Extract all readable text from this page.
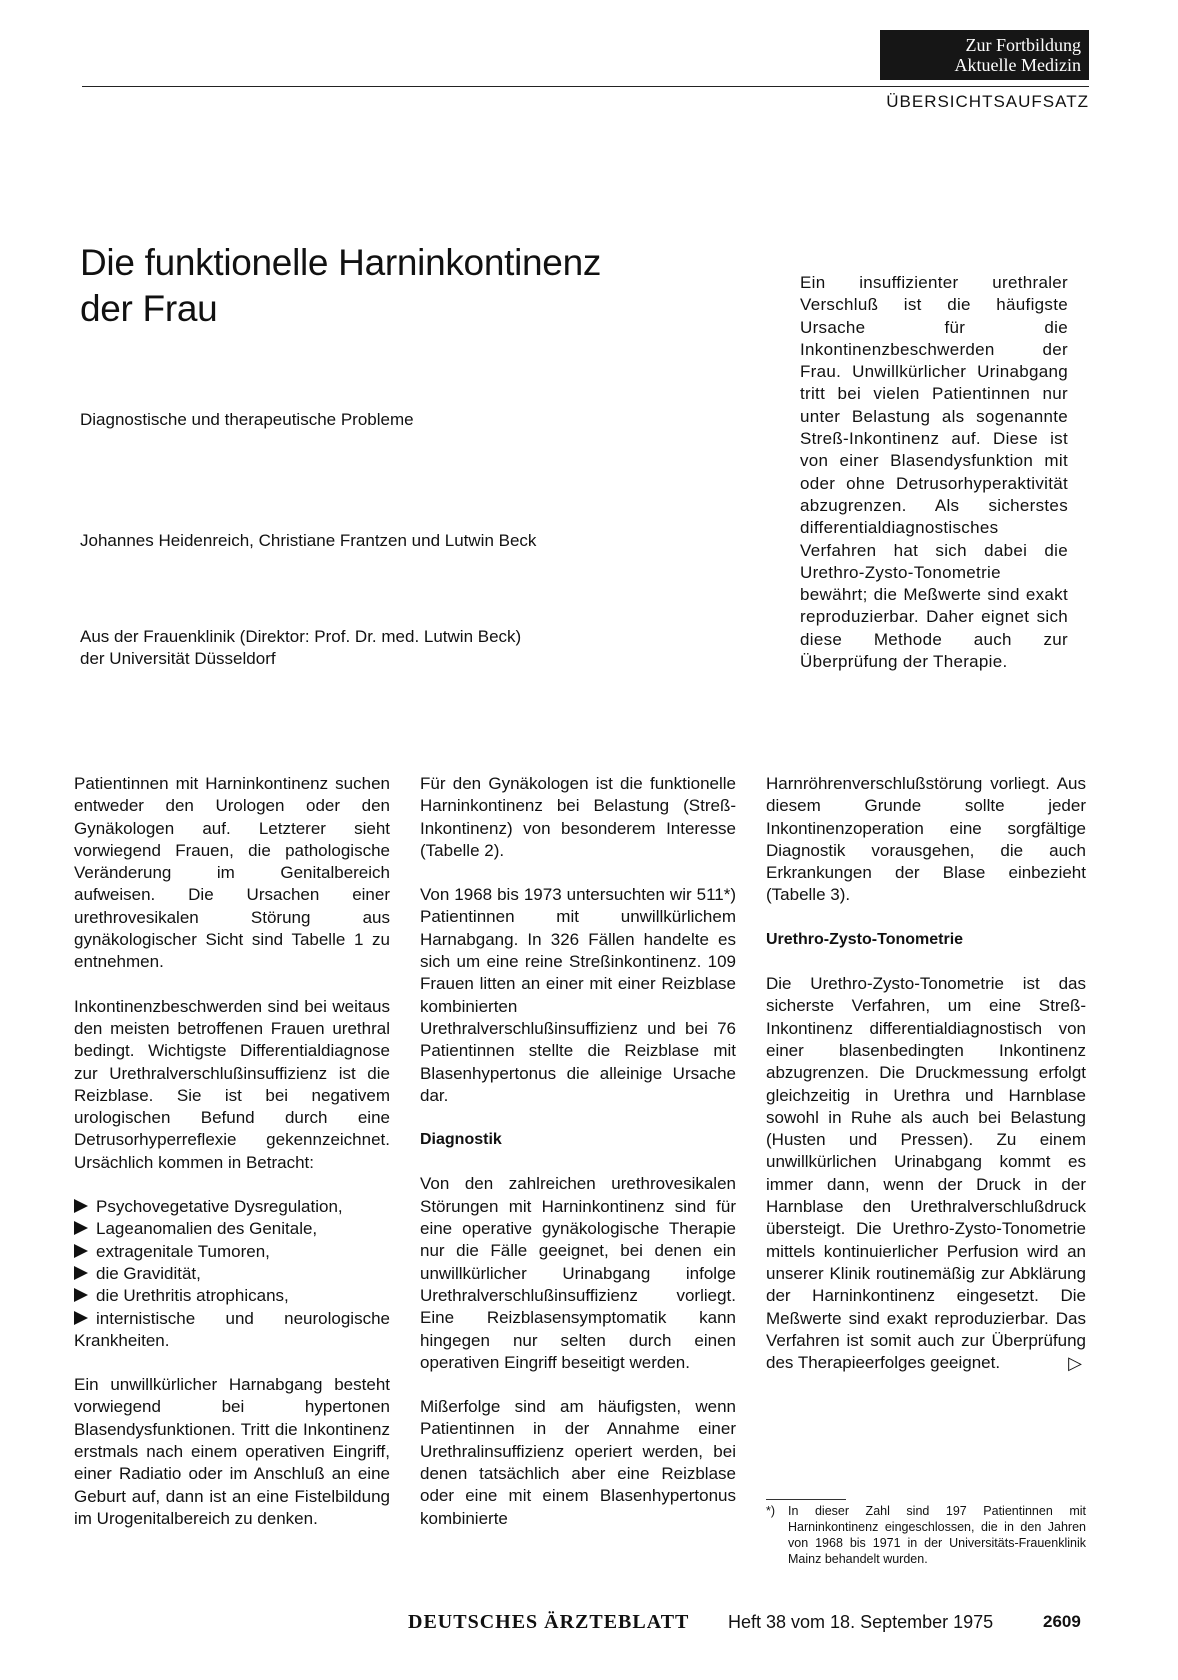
Zur Fortbildung
Aktuelle Medizin
ÜBERSICHTSAUFSATZ
Die funktionelle Harninkontinenz
der Frau
Diagnostische und therapeutische Probleme
Johannes Heidenreich, Christiane Frantzen und Lutwin Beck
Aus der Frauenklinik (Direktor: Prof. Dr. med. Lutwin Beck)
der Universität Düsseldorf
Ein insuffizienter urethraler Verschluß ist die häufigste Ursache für die Inkontinenzbeschwerden der Frau. Unwillkürlicher Urinabgang tritt bei vielen Patientinnen nur unter Belastung als sogenannte Streß-Inkontinenz auf. Diese ist von einer Blasendysfunktion mit oder ohne Detrusorhyperaktivität abzugrenzen. Als sicherstes differentialdiagnostisches Verfahren hat sich dabei die Urethro-Zysto-Tonometrie bewährt; die Meßwerte sind exakt reproduzierbar. Daher eignet sich diese Methode auch zur Überprüfung der Therapie.

Patientinnen mit Harninkontinenz suchen entweder den Urologen oder den Gynäkologen auf. Letzterer sieht vorwiegend Frauen, die pathologische Veränderung im Genitalbereich aufweisen. Die Ursachen einer urethrovesikalen Störung aus gynäkologischer Sicht sind Tabelle 1 zu entnehmen.

Inkontinenzbeschwerden sind bei weitaus den meisten betroffenen Frauen urethral bedingt. Wichtigste Differentialdiagnose zur Urethralverschlußinsuffizienz ist die Reizblase. Sie ist bei negativem urologischen Befund durch eine Detrusorhyperreflexie gekennzeichnet. Ursächlich kommen in Betracht:

Psychovegetative Dysregulation,
Lageanomalien des Genitale,
extragenitale Tumoren,
die Gravidität,
die Urethritis atrophicans,
internistische und neurologische Krankheiten.

Ein unwillkürlicher Harnabgang besteht vorwiegend bei hypertonen Blasendysfunktionen. Tritt die Inkontinenz erstmals nach einem operativen Eingriff, einer Radiatio oder im Anschluß an eine Geburt auf, dann ist an eine Fistelbildung im Urogenitalbereich zu denken.

Für den Gynäkologen ist die funktionelle Harninkontinenz bei Belastung (Streß-Inkontinenz) von besonderem Interesse (Tabelle 2).

Von 1968 bis 1973 untersuchten wir 511*) Patientinnen mit unwillkürlichem Harnabgang. In 326 Fällen handelte es sich um eine reine Streßinkontinenz. 109 Frauen litten an einer mit einer Reizblase kombinierten Urethralverschlußinsuffizienz und bei 76 Patientinnen stellte die Reizblase mit Blasenhypertonus die alleinige Ursache dar.

Diagnostik

Von den zahlreichen urethrovesikalen Störungen mit Harninkontinenz sind für eine operative gynäkologische Therapie nur die Fälle geeignet, bei denen ein unwillkürlicher Urinabgang infolge Urethralverschlußinsuffizienz vorliegt. Eine Reizblasensymptomatik kann hingegen nur selten durch einen operativen Eingriff beseitigt werden.

Mißerfolge sind am häufigsten, wenn Patientinnen in der Annahme einer Urethralinsuffizienz operiert werden, bei denen tatsächlich aber eine Reizblase oder eine mit einem Blasenhypertonus kombinierte

Harnröhrenverschlußstörung vorliegt. Aus diesem Grunde sollte jeder Inkontinenzoperation eine sorgfältige Diagnostik vorausgehen, die auch Erkrankungen der Blase einbezieht (Tabelle 3).

Urethro-Zysto-Tonometrie

Die Urethro-Zysto-Tonometrie ist das sicherste Verfahren, um eine Streß-Inkontinenz differentialdiagnostisch von einer blasenbedingten Inkontinenz abzugrenzen. Die Druckmessung erfolgt gleichzeitig in Urethra und Harnblase sowohl in Ruhe als auch bei Belastung (Husten und Pressen). Zu einem unwillkürlichen Urinabgang kommt es immer dann, wenn der Druck in der Harnblase den Urethralverschlußdruck übersteigt. Die Urethro-Zysto-Tonometrie mittels kontinuierlicher Perfusion wird an unserer Klinik routinemäßig zur Abklärung der Harninkontinenz eingesetzt. Die Meßwerte sind exakt reproduzierbar. Das Verfahren ist somit auch zur Überprüfung des Therapieerfolges geeignet.	▷

*) In dieser Zahl sind 197 Patientinnen mit Harninkontinenz eingeschlossen, die in den Jahren von 1968 bis 1971 in der Universitäts-Frauenklinik Mainz behandelt wurden.
DEUTSCHES ÄRZTEBLATT Heft 38 vom 18. September 1975	2609
